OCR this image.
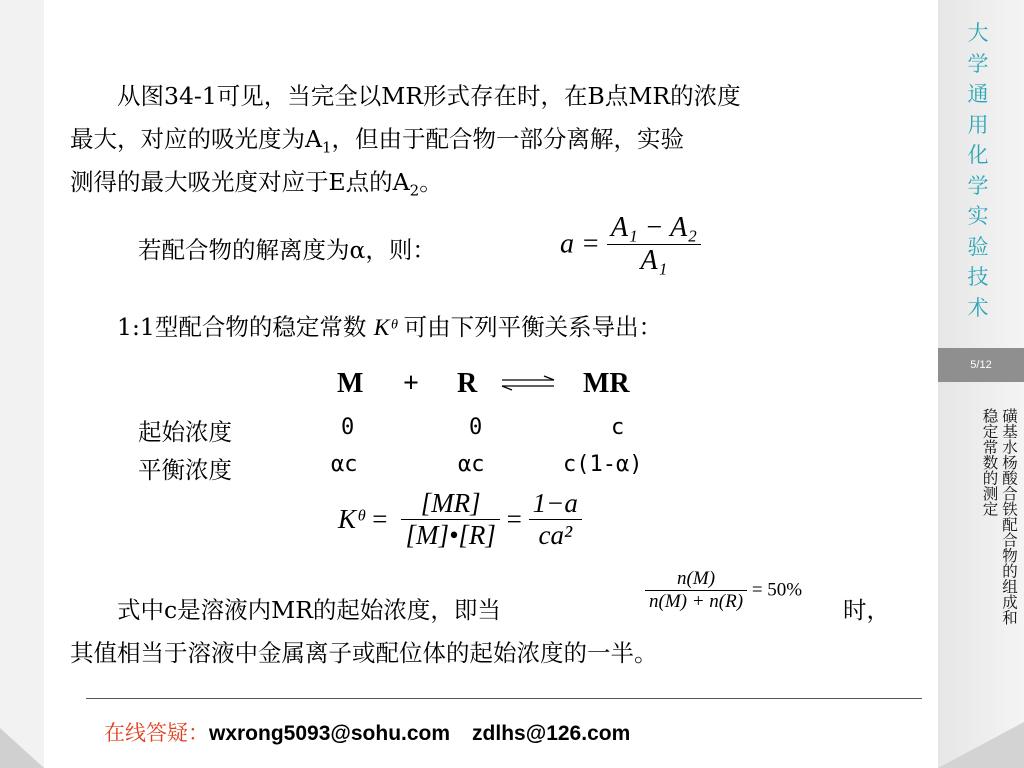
大学通用化学实验技术
5/12
磺基水杨酸合铁配合物的组成和稳定常数的测定
　　从图34-1可见，当完全以MR形式存在时，在B点MR的浓度
最大，对应的吸光度为$A_1$，但由于配合物一部分离解，实验
测得的最大吸光度对应于E点的$A_2$。
若配合物的解离度为α，则：	$a = \frac{\text{A₁ − A₂}}{\text{A₁}}$
　　1:1型配合物的稳定常数 Kᶿ 可由下列平衡关系导出：
M + R ⇌ MR
起始浓度	0	0	c
平衡浓度	αc	αc	c(1-α)
Kᶿ = $\frac{[MR]}{[M]•[R]} = \frac{1-a}{\text{ca²}}$
　　式中c是溶液内MR的起始浓度，即当	$\frac{n(M)}{n(M) + n(R)} = 50\%$
时，
其值相当于溶液中金属离子或配位体的起始浓度的一半。
在线答疑：wxrong5093@sohu.com zdlhs@126.com
